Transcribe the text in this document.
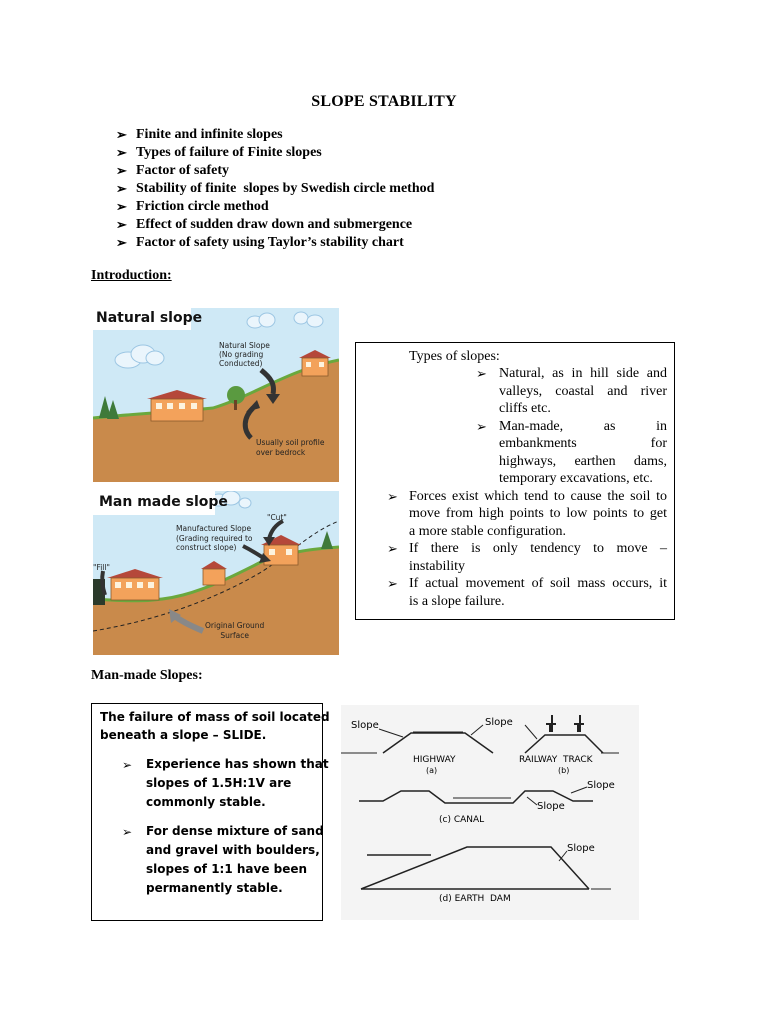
SLOPE STABILITY
➢ Finite and infinite slopes
➢ Types of failure of Finite slopes
➢ Factor of safety
➢ Stability of finite  slopes by Swedish circle method
➢ Friction circle method
➢ Effect of sudden draw down and submergence
➢ Factor of safety using Taylor’s stability chart
Introduction:
Natural slope
Natural Slope
(No grading
Conducted)
Usually soil profile
over bedrock
Man made slope
Manufactured Slope
(Grading required to
construct slope)
"Cut"
"Fill"
Original Ground
Surface
Types of slopes:
➢ Natural, as in hill side and
valleys, coastal and river
cliffs etc.
➢ Man-made, as in
embankments for
highways, earthen dams,
temporary excavations, etc.
➢ Forces exist which tend to cause the soil to
move from high points to low points to get
a more stable configuration.
➢ If there is only tendency to move –
instability
➢ If actual movement of soil mass occurs, it
is a slope failure.
Man-made Slopes:
The failure of mass of soil located
beneath a slope – SLIDE.
➢ Experience has shown that
slopes of 1.5H:1V are
commonly stable.
➢ For dense mixture of sand
and gravel with boulders,
slopes of 1:1 have been
permanently stable.
Slope	Slope
HIGHWAY
(a)
RAILWAY  TRACK
(b)
Slope
Slope
(c) CANAL
Slope
(d) EARTH  DAM
